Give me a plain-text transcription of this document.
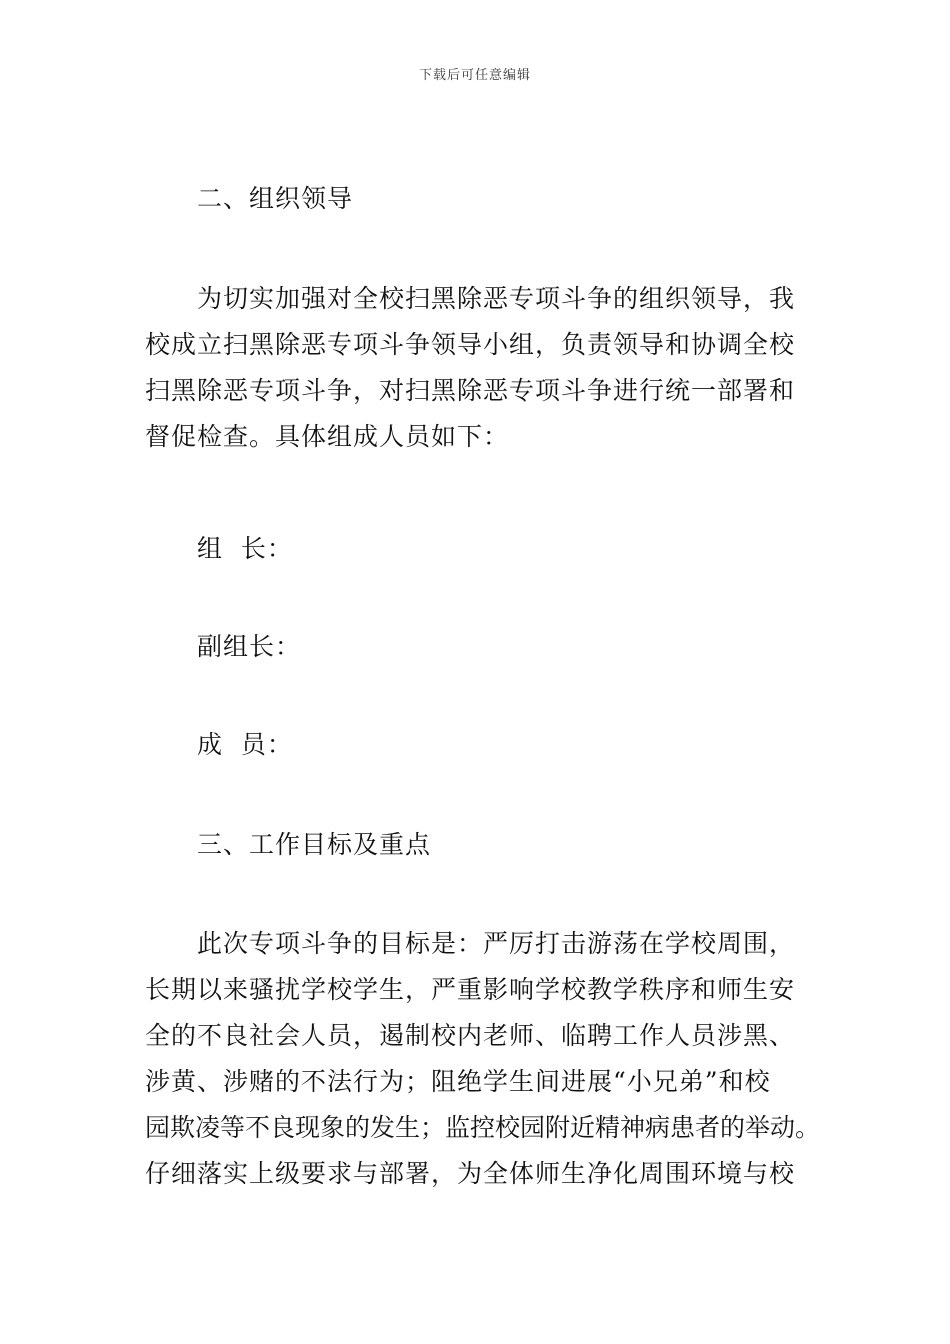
下载后可任意编辑
二、组织领导
为切实加强对全校扫黑除恶专项斗争的组织领导，我
校成立扫黑除恶专项斗争领导小组，负责领导和协调全校
扫黑除恶专项斗争，对扫黑除恶专项斗争进行统一部署和
督促检查。具体组成人员如下：
组  长：
副组长：
成  员：
三、工作目标及重点
此次专项斗争的目标是：严厉打击游荡在学校周围，
长期以来骚扰学校学生，严重影响学校教学秩序和师生安
全的不良社会人员，遏制校内老师、临聘工作人员涉黑、
涉黄、涉赌的不法行为；阻绝学生间进展“小兄弟”和校
园欺凌等不良现象的发生；监控校园附近精神病患者的举动。
仔细落实上级要求与部署，为全体师生净化周围环境与校
